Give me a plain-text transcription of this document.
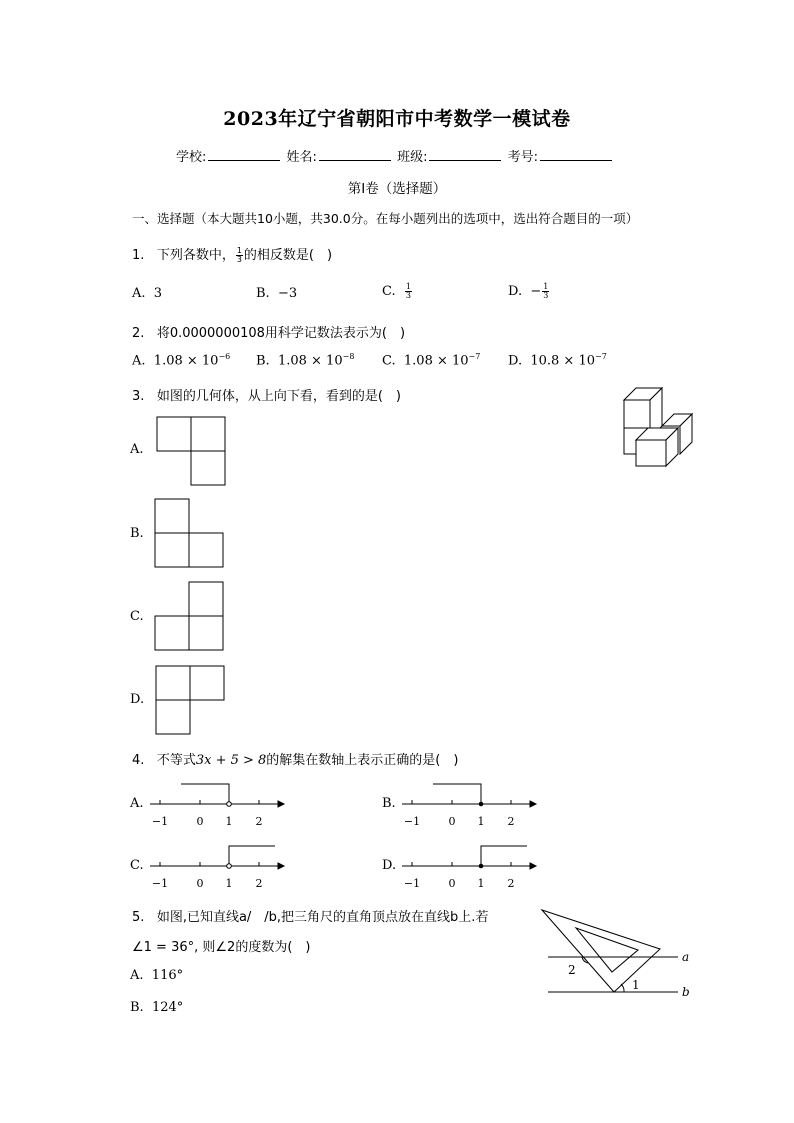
2023年辽宁省朝阳市中考数学一模试卷
学校:	姓名:	班级:	考号:
第I卷（选择题）
一、选择题（本大题共10小题，共30.0分。在每小题列出的选项中，选出符合题目的一项）
1. 下列各数中， $\frac{1}{3}$ 的相反数是(　)
A. 3	B. −3	C. $\frac{1}{3}$	D. − $\frac{1}{3}$
2. 将0.0000000108用科学记数法表示为(　)
A. $1.08 \times 10^{-6}$ B. $1.08 \times 10^{-8}$ C. $1.08 \times 10^{-7}$ D. $10.8 \times 10^{-7}$
3. 如图的几何体，从上向下看，看到的是(　)
A.
B.
C.
D.
4. 不等式3x + 5 > 8的解集在数轴上表示正确的是(　)
A.
−1	0 1 2
B.
−1	0 1 2
C.
−1	0 1 2
D.
−1	0 1 2
5. 如图,已知直线a/　/b,把三角尺的直角顶点放在直线b上.若
∠1 = 36°, 则∠2的度数为(　)
A. 116°
B. 124°
a
b
1
2
